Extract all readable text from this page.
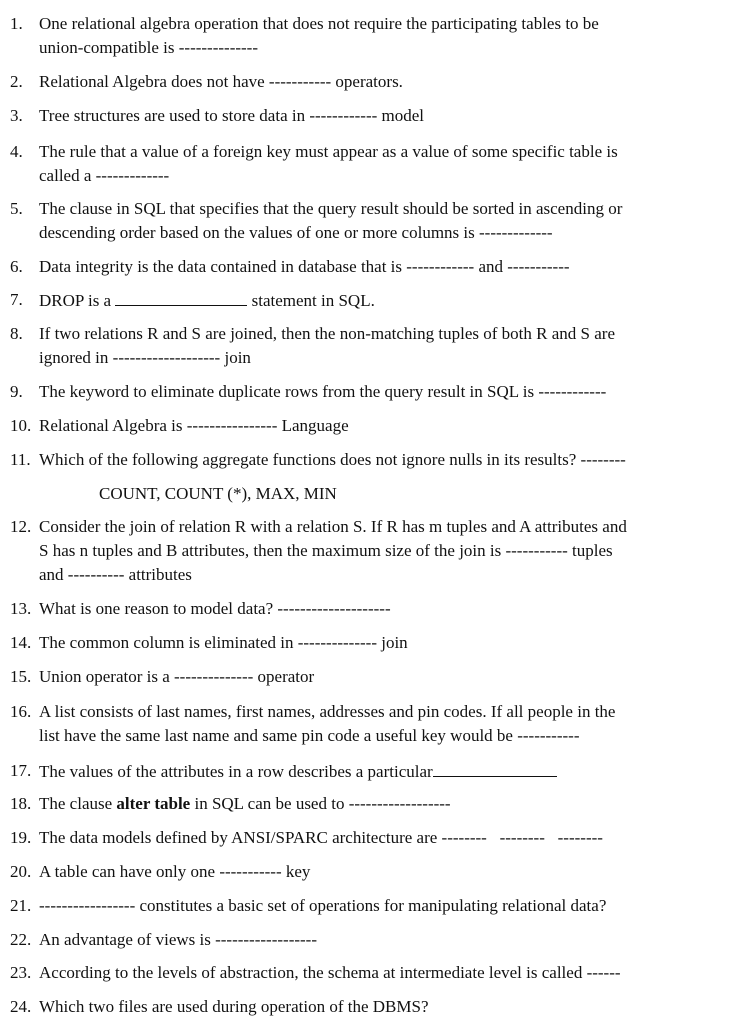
1. One relational algebra operation that does not require the participating tables to be
union-compatible is --------------
2. Relational Algebra does not have ----------- operators.
3. Tree structures are used to store data in ------------ model
4. The rule that a value of a foreign key must appear as a value of some specific table is
called a -------------
5. The clause in SQL that specifies that the query result should be sorted in ascending or
descending order based on the values of one or more columns is -------------
6. Data integrity is the data contained in database that is ------------ and -----------
7. DROP is a	statement in SQL.
8. If two relations R and S are joined, then the non-matching tuples of both R and S are
ignored in ------------------- join
9. The keyword to eliminate duplicate rows from the query result in SQL is ------------
10. Relational Algebra is ---------------- Language
11. Which of the following aggregate functions does not ignore nulls in its results? --------
COUNT, COUNT (*), MAX, MIN
12. Consider the join of relation R with a relation S. If R has m tuples and A attributes and
S has n tuples and B attributes, then the maximum size of the join is ----------- tuples
and ---------- attributes
13. What is one reason to model data? --------------------
14. The common column is eliminated in -------------- join
15. Union operator is a -------------- operator
16. A list consists of last names, first names, addresses and pin codes. If all people in the
list have the same last name and same pin code a useful key would be -----------
17. The values of the attributes in a row describes a particular
18. The clause alter table in SQL can be used to ------------------
19. The data models defined by ANSI/SPARC architecture are --------   --------   --------
20. A table can have only one ----------- key
21. ----------------- constitutes a basic set of operations for manipulating relational data?
22. An advantage of views is ------------------
23. According to the levels of abstraction, the schema at intermediate level is called ------
24. Which two files are used during operation of the DBMS?
